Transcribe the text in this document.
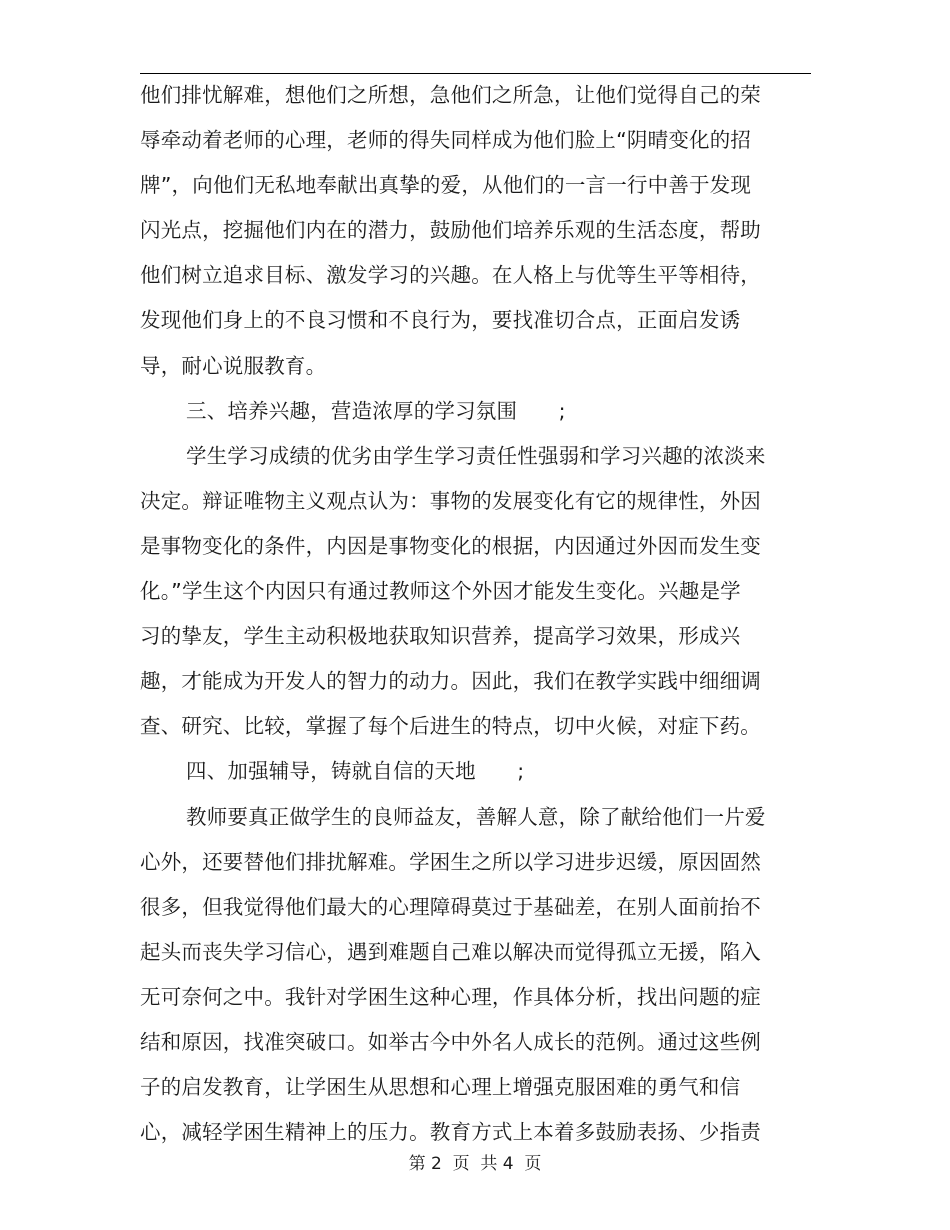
他们排忧解难，想他们之所想，急他们之所急，让他们觉得自己的荣
辱牵动着老师的心理，老师的得失同样成为他们脸上“阴晴变化的招
牌”，向他们无私地奉献出真挚的爱，从他们的一言一行中善于发现
闪光点，挖掘他们内在的潜力，鼓励他们培养乐观的生活态度，帮助
他们树立追求目标、激发学习的兴趣。在人格上与优等生平等相待，
发现他们身上的不良习惯和不良行为，要找准切合点，正面启发诱
导，耐心说服教育。
三、培养兴趣，营造浓厚的学习氛围　　;
学生学习成绩的优劣由学生学习责任性强弱和学习兴趣的浓淡来
决定。辩证唯物主义观点认为：事物的发展变化有它的规律性，外因
是事物变化的条件，内因是事物变化的根据，内因通过外因而发生变
化。”学生这个内因只有通过教师这个外因才能发生变化。兴趣是学
习的挚友，学生主动积极地获取知识营养，提高学习效果，形成兴
趣，才能成为开发人的智力的动力。因此，我们在教学实践中细细调
查、研究、比较，掌握了每个后进生的特点，切中火候，对症下药。
四、加强辅导，铸就自信的天地　　;
教师要真正做学生的良师益友，善解人意，除了献给他们一片爱
心外，还要替他们排扰解难。学困生之所以学习进步迟缓，原因固然
很多，但我觉得他们最大的心理障碍莫过于基础差，在别人面前抬不
起头而丧失学习信心，遇到难题自己难以解决而觉得孤立无援，陷入
无可奈何之中。我针对学困生这种心理，作具体分析，找出问题的症
结和原因，找准突破口。如举古今中外名人成长的范例。通过这些例
子的启发教育，让学困生从思想和心理上增强克服困难的勇气和信
心，减轻学困生精神上的压力。教育方式上本着多鼓励表扬、少指责
第 2  页  共 4  页
